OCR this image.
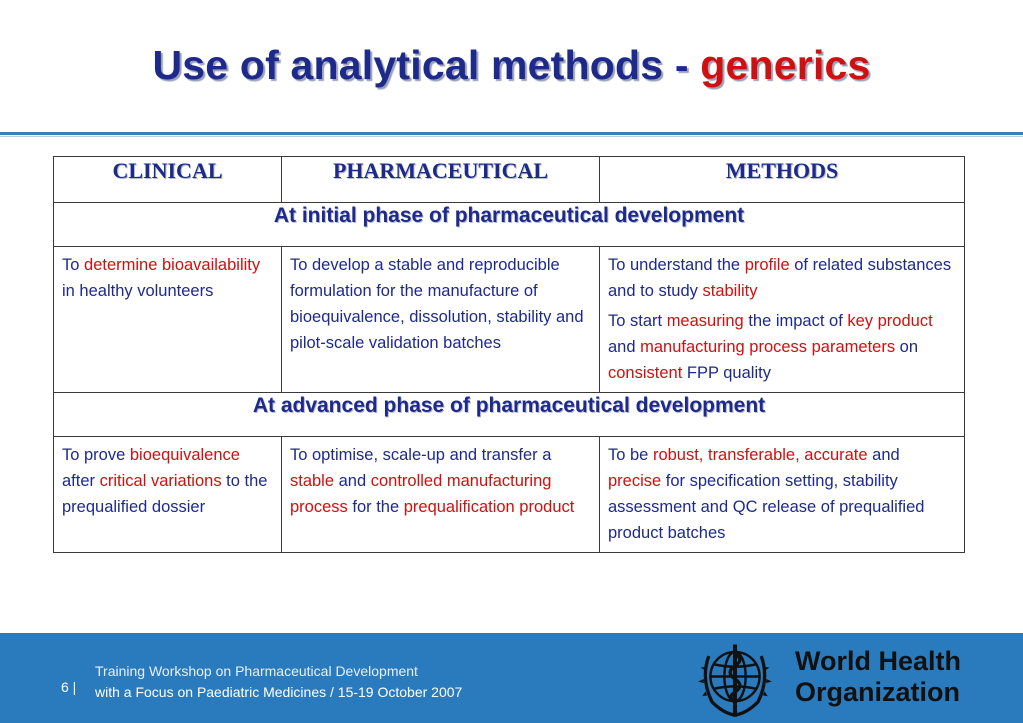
Use of analytical methods - generics
CLINICAL	PHARMACEUTICAL	METHODS
At initial phase of pharmaceutical development		

To determine bioavailability in healthy volunteers	To develop a stable and reproducible formulation for the manufacture of bioequivalence, dissolution, stability and pilot-scale validation batches	To understand the profile of related substances and to study stability

To start measuring the impact of key product and manufacturing process parameters on consistent FPP quality

At advanced phase of pharmaceutical development		

To prove bioequivalence after critical variations to the prequalified dossier	To optimise, scale-up and transfer a stable and controlled manufacturing process for the prequalification product	To be robust, transferable, accurate and precise for specification setting, stability assessment and QC release of prequalified product batches

6 |
Training Workshop on Pharmaceutical Development
with a Focus on Paediatric Medicines / 15-19 October 2007
World Health
Organization
